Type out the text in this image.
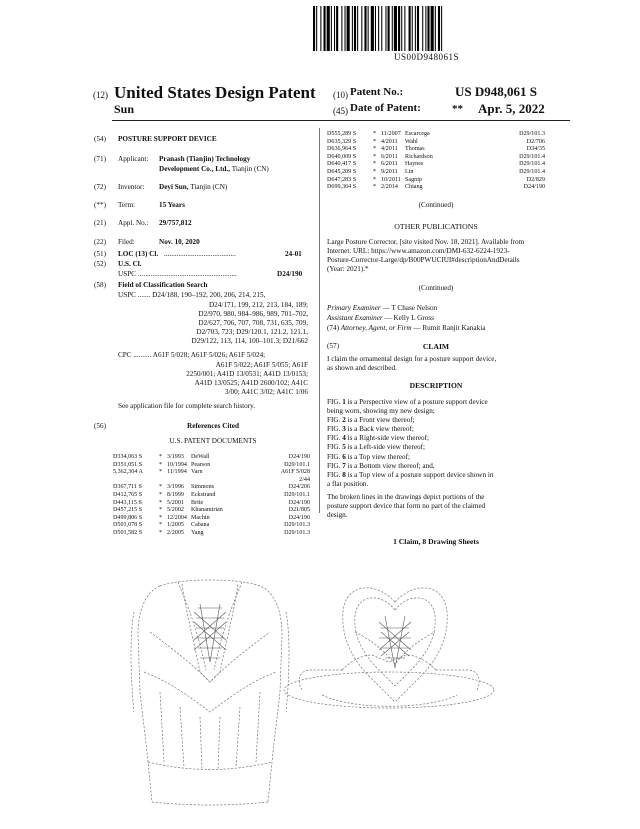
US00D948061S
(12) United States Design Patent (10) Patent No.:	US D948,061 S
Sun	(45) Date of Patent:	** Apr. 5, 2022
(54) POSTURE SUPPORT DEVICE
(71) Applicant: Pranash (Tianjin) Technology
Development Co., Ltd., Tianjin (CN)
(72) Inventor: Deyi Sun, Tianjin (CN)
(**) Term:	15 Years
(21) Appl. No.: 29/757,812
(22) Filed:	Nov. 10, 2020
(51) LOC (13) Cl. ........................................	24-01
(52) U.S. Cl.
USPC .......................................................	D24/190
(58) Field of Classification Search
USPC ....... D24/188, 190–192, 200, 206, 214, 215,
D24/171, 199, 212, 213, 184, 189;
D2/970, 980, 984–986, 989, 701–702,
D2/627, 706, 707, 708, 731, 635, 709,
D2/703, 723; D29/120.1, 121.2, 121.1,
D29/122, 113, 114, 100–101.3; D21/662
CPC .......... A61F 5/028; A61F 5/026; A61F 5/024;
A61F 5/022; A61F 5/055; A61F
2250/001; A41D 13/0531; A41D 13/0153;
A41D 13/0525; A41D 2600/102; A41C
3/00; A41C 3/02; A41C 1/06
See application file for complete search history.
(56)	References Cited
U.S. PATENT DOCUMENTS
D334,063 S	* 3/1993 DeWall	D24/190
D351,051 S	* 10/1994 Pearson	D29/101.1
5,362,304 A	* 11/1994 Varn	A61F 5/028
2/44
D367,711 S	* 3/1996 Simmons	D24/206
D412,765 S	* 8/1999 Eckstrand	D29/101.1
D443,115 S	* 5/2001 Brite	D24/190
D457,215 S	* 5/2002 Khanamirian	D21/805
D499,806 S	* 12/2004 Machin	D24/190
D501,078 S	* 1/2005 Cabana	D29/101.3
D501,582 S	* 2/2005 Yang	D29/101.3
D555,289 S	* 11/2007 Escarcega	D29/101.3
D635,329 S	* 4/2011 Wahl	D2/706
D636,964 S	* 4/2011 Thomas	D34/35
D640,009 S	* 6/2011 Richardson	D29/101.4
D640,417 S	* 6/2011 Haynes	D29/101.4
D645,209 S	* 9/2011 Lin	D29/101.4
D647,283 S	* 10/2011 Sagnip	D2/829
D699,364 S	* 2/2014 Chiang	D24/190
(Continued)
OTHER PUBLICATIONS
Large Posture Corrector, [site visited Nov. 18, 2021]. Available from
Internet. URL: https://www.amazon.com/DMI-632-6224-1923-
Posture-Corrector-Large/dp/B00PWUCIUI#descriptionAndDetails
(Year: 2021).*
(Continued)
Primary Examiner — T Chase Nelson
Assistant Examiner — Kelly L Gross
(74) Attorney, Agent, or Firm — Rumit Ranjit Kanakia
(57)	CLAIM
I claim the ornamental design for a posture support device,
as shown and described.
DESCRIPTION
FIG. 1 is a Perspective view of a posture support device
being worn, showing my new design;
FIG. 2 is a Front view thereof;
FIG. 3 is a Back view thereof;
FIG. 4 is a Right-side view thereof;
FIG. 5 is a Left-side view thereof;
FIG. 6 is a Top view thereof;
FIG. 7 is a Bottom view thereof; and,
FIG. 8 is a Top view of a posture support device shown in
a flat position.
The broken lines in the drawings depict portions of the
posture support device that form no part of the claimed
design.
1 Claim, 8 Drawing Sheets
